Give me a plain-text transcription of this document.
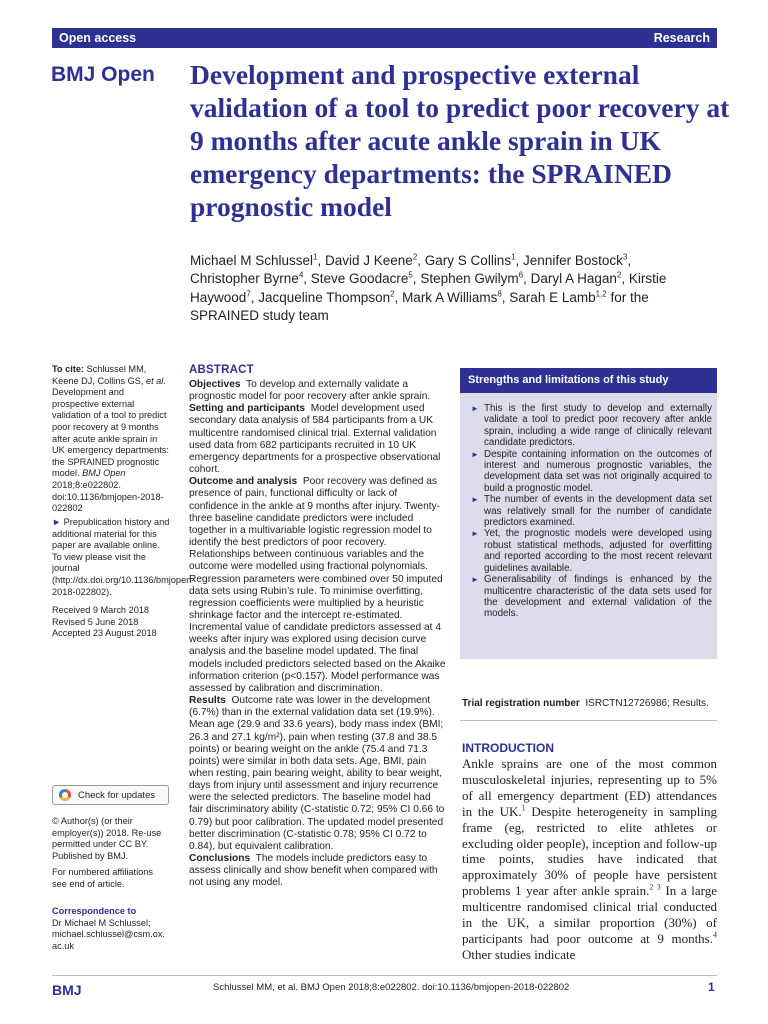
Open access	Research
BMJ Open Development and prospective external validation of a tool to predict poor recovery at 9 months after acute ankle sprain in UK emergency departments: the SPRAINED prognostic model
Michael M Schlussel$^1$, David J Keene$^2$, Gary S Collins$^1$, Jennifer Bostock$^3$, Christopher Byrne$^4$, Steve Goodacre$^5$, Stephen Gwilym$^6$, Daryl A Hagan$^2$, Kirstie Haywood$^7$, Jacqueline Thompson$^2$, Mark A Williams$^8$, Sarah E Lamb$^{1,2}$ for the SPRAINED study team
To cite: Schlussel MM, Keene DJ, Collins GS, et al. Development and prospective external validation of a tool to predict poor recovery at 9 months after acute ankle sprain in UK emergency departments: the SPRAINED prognostic model. BMJ Open 2018;8:e022802. doi:10.1136/bmjopen-2018-022802
► Prepublication history and additional material for this paper are available online. To view please visit the journal (http://dx.doi.org/10.1136/bmjopen-2018-022802).
Received 9 March 2018
Revised 5 June 2018
Accepted 23 August 2018
Check for updates
© Author(s) (or their employer(s)) 2018. Re-use permitted under CC BY. Published by BMJ.
For numbered affiliations see end of article.
Correspondence to
Dr Michael M Schlussel;
michael.schlussel@csm.ox.ac.uk
ABSTRACT

Objectives To develop and externally validate a prognostic model for poor recovery after ankle sprain.

Setting and participants Model development used secondary data analysis of 584 participants from a UK multicentre randomised clinical trial. External validation used data from 682 participants recruited in 10 UK emergency departments for a prospective observational cohort.

Outcome and analysis Poor recovery was defined as presence of pain, functional difficulty or lack of confidence in the ankle at 9 months after injury. Twenty-three baseline candidate predictors were included together in a multivariable logistic regression model to identify the best predictors of poor recovery. Relationships between continuous variables and the outcome were modelled using fractional polynomials. Regression parameters were combined over 50 imputed data sets using Rubin’s rule. To minimise overfitting, regression coefficients were multiplied by a heuristic shrinkage factor and the intercept re-estimated. Incremental value of candidate predictors assessed at 4 weeks after injury was explored using decision curve analysis and the baseline model updated. The final models included predictors selected based on the Akaike information criterion (p<0.157). Model performance was assessed by calibration and discrimination.

Results Outcome rate was lower in the development (6.7%) than in the external validation data set (19.9%). Mean age (29.9 and 33.6 years), body mass index (BMI; 26.3 and 27.1 kg/m²), pain when resting (37.8 and 38.5 points) or bearing weight on the ankle (75.4 and 71.3 points) were similar in both data sets. Age, BMI, pain when resting, pain bearing weight, ability to bear weight, days from injury until assessment and injury recurrence were the selected predictors. The baseline model had fair discriminatory ability (C-statistic 0.72; 95% CI 0.66 to 0.79) but poor calibration. The updated model presented better discrimination (C-statistic 0.78; 95% CI 0.72 to 0.84), but equivalent calibration.

Conclusions The models include predictors easy to assess clinically and show benefit when compared with not using any model.

Strengths and limitations of this study
► This is the first study to develop and externally validate a tool to predict poor recovery after ankle sprain, including a wide range of clinically relevant candidate predictors.
► Despite containing information on the outcomes of interest and numerous prognostic variables, the development data set was not originally acquired to build a prognostic model.
► The number of events in the development data set was relatively small for the number of candidate predictors examined.
► Yet, the prognostic models were developed using robust statistical methods, adjusted for overfitting and reported according to the most recent relevant guidelines available.
► Generalisability of findings is enhanced by the multicentre characteristic of the data sets used for the development and external validation of the models.
Trial registration number ISRCTN12726986; Results.
INTRODUCTION

Ankle sprains are one of the most common musculoskeletal injuries, representing up to 5% of all emergency department (ED) attendances in the UK.$^1$ Despite heterogeneity in sampling frame (eg, restricted to elite athletes or excluding older people), inception and follow-up time points, studies have indicated that approximately 30% of people have persistent problems 1 year after ankle sprain.$^{2 3}$ In a large multicentre randomised clinical trial conducted in the UK, a similar proportion (30%) of participants had poor outcome at 9 months.$^4$ Other studies indicate

BMJ	Schlussel MM, et al. BMJ Open 2018;8:e022802. doi:10.1136/bmjopen-2018-022802	1
